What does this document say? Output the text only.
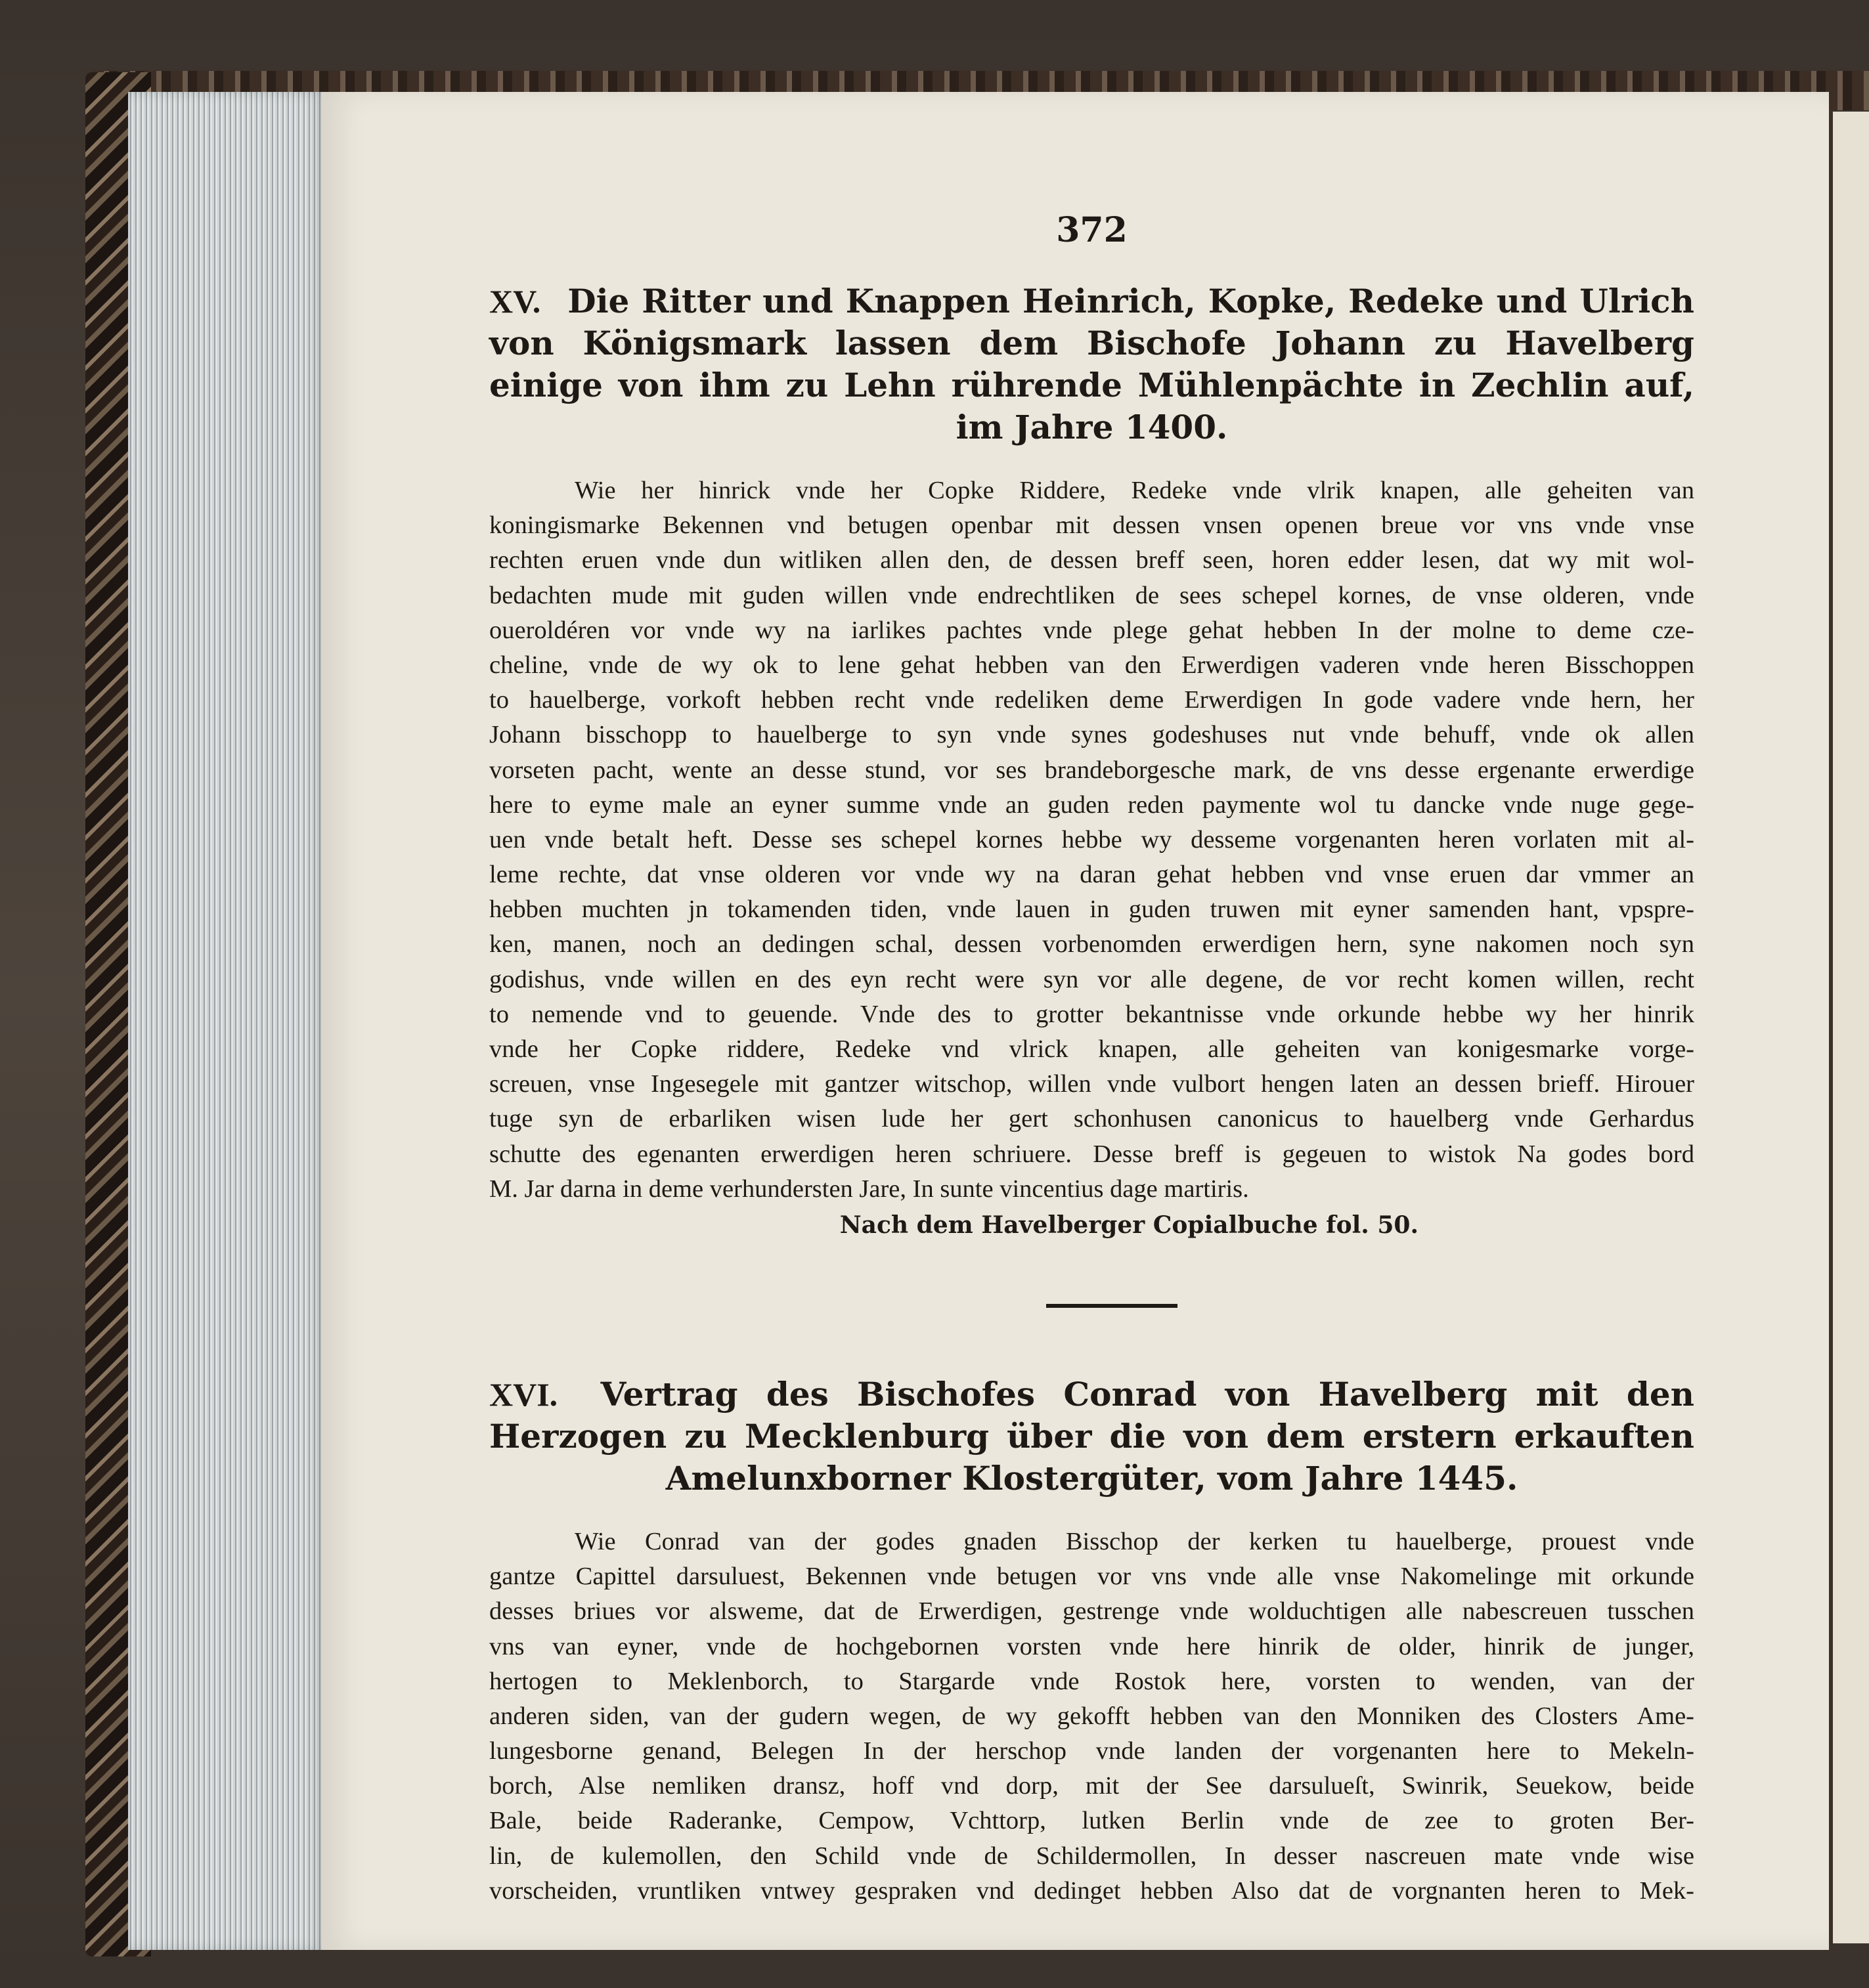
372
XV. Die Ritter und Knappen Heinrich, Kopke, Redeke und Ulrich von Königsmark lassen dem Bischofe Johann zu Havelberg einige von ihm zu Lehn rührende Mühlenpächte in Zechlin auf, im Jahre 1400.
Wie her hinrick vnde her Copke Riddere, Redeke vnde vlrik knapen, alle geheiten van
koningismarke Bekennen vnd betugen openbar mit dessen vnsen openen breue vor vns vnde vnse
rechten eruen vnde dun witliken allen den, de dessen breff seen, horen edder lesen, dat wy mit wol-
bedachten mude mit guden willen vnde endrechtliken de sees schepel kornes, de vnse olderen, vnde
oueroldéren vor vnde wy na iarlikes pachtes vnde plege gehat hebben In der molne to deme cze-
cheline, vnde de wy ok to lene gehat hebben van den Erwerdigen vaderen vnde heren Bisschoppen
to hauelberge, vorkoft hebben recht vnde redeliken deme Erwerdigen In gode vadere vnde hern, her
Johann bisschopp to hauelberge to syn vnde synes godeshuses nut vnde behuff, vnde ok allen
vorseten pacht, wente an desse stund, vor ses brandeborgesche mark, de vns desse ergenante erwerdige
here to eyme male an eyner summe vnde an guden reden paymente wol tu dancke vnde nuge gege-
uen vnde betalt heft. Desse ses schepel kornes hebbe wy desseme vorgenanten heren vorlaten mit al-
leme rechte, dat vnse olderen vor vnde wy na daran gehat hebben vnd vnse eruen dar vmmer an
hebben muchten jn tokamenden tiden, vnde lauen in guden truwen mit eyner samenden hant, vpspre-
ken, manen, noch an dedingen schal, dessen vorbenomden erwerdigen hern, syne nakomen noch syn
godishus, vnde willen en des eyn recht were syn vor alle degene, de vor recht komen willen, recht
to nemende vnd to geuende. Vnde des to grotter bekantnisse vnde orkunde hebbe wy her hinrik
vnde her Copke riddere, Redeke vnd vlrick knapen, alle geheiten van konigesmarke vorge-
screuen, vnse Ingesegele mit gantzer witschop, willen vnde vulbort hengen laten an dessen brieff. Hirouer
tuge syn de erbarliken wisen lude her gert schonhusen canonicus to hauelberg vnde Gerhardus
schutte des egenanten erwerdigen heren schriuere. Desse breff is gegeuen to wistok Na godes bord
M. Jar darna in deme verhundersten Jare, In sunte vincentius dage martiris.
Nach dem Havelberger Copialbuche fol. 50.
XVI. Vertrag des Bischofes Conrad von Havelberg mit den Herzogen zu Mecklenburg über die von dem erstern erkauften Amelunxborner Klostergüter, vom Jahre 1445.
Wie Conrad van der godes gnaden Bisschop der kerken tu hauelberge, prouest vnde
gantze Capittel darsuluest, Bekennen vnde betugen vor vns vnde alle vnse Nakomelinge mit orkunde
desses briues vor alsweme, dat de Erwerdigen, gestrenge vnde wolduchtigen alle nabescreuen tusschen
vns van eyner, vnde de hochgebornen vorsten vnde here hinrik de older, hinrik de junger,
hertogen to Meklenborch, to Stargarde vnde Rostok here, vorsten to wenden, van der
anderen siden, van der gudern wegen, de wy gekofft hebben van den Monniken des Closters Ame-
lungesborne genand, Belegen In der herschop vnde landen der vorgenanten here to Mekeln-
borch, Alse nemliken dransz, hoff vnd dorp, mit der See darsulueſt, Swinrik, Seuekow, beide
Bale, beide Raderanke, Cempow, Vchttorp, lutken Berlin vnde de zee to groten Ber-
lin, de kulemollen, den Schild vnde de Schildermollen, In desser nascreuen mate vnde wise
vorscheiden, vruntliken vntwey gespraken vnd dedinget hebben Also dat de vorgnanten heren to Mek-
